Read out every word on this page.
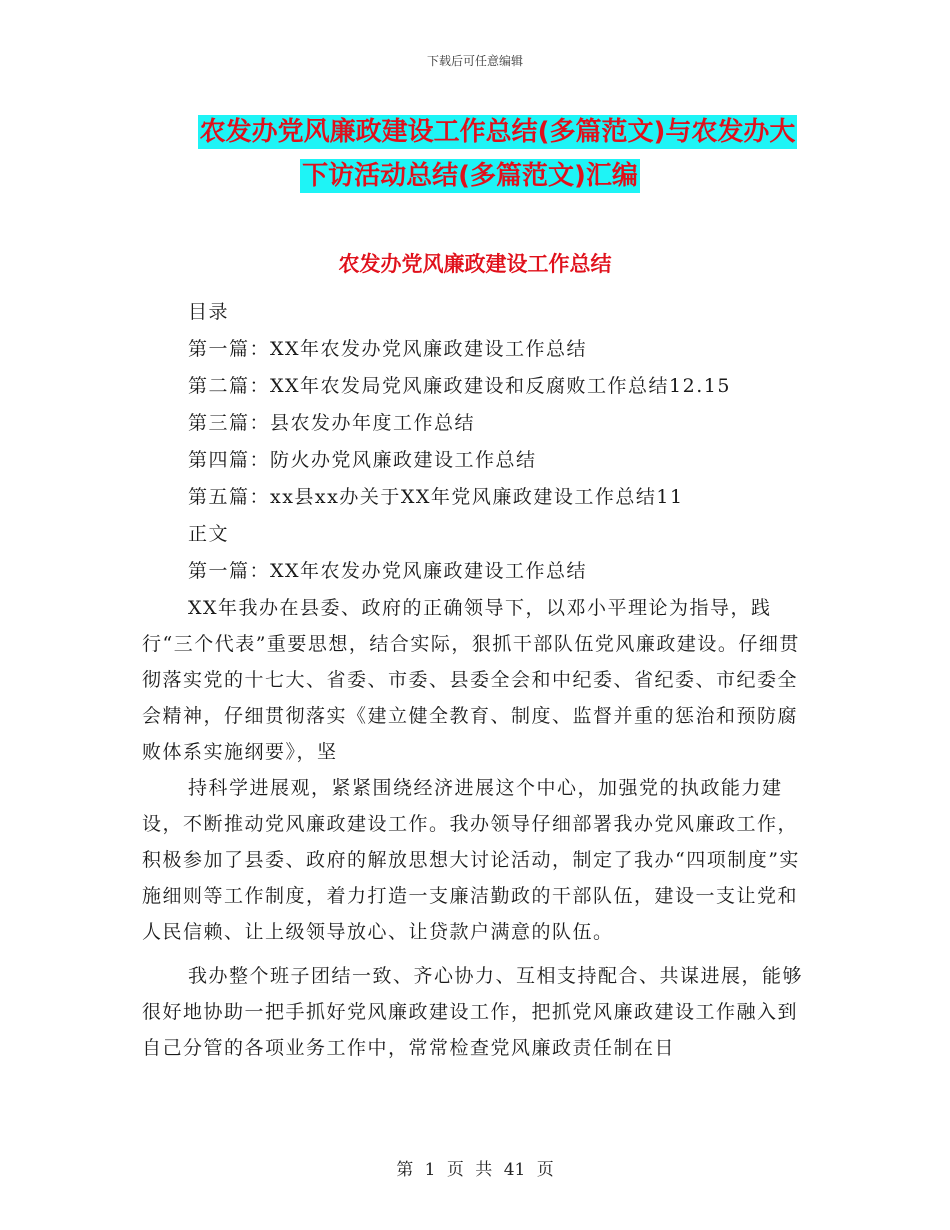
下载后可任意编辑
农发办党风廉政建设工作总结(多篇范文)与农发办大
下访活动总结(多篇范文)汇编
农发办党风廉政建设工作总结
目录
第一篇：XX年农发办党风廉政建设工作总结
第二篇：XX年农发局党风廉政建设和反腐败工作总结12.15
第三篇：县农发办年度工作总结
第四篇：防火办党风廉政建设工作总结
第五篇：xx县xx办关于XX年党风廉政建设工作总结11
正文
第一篇：XX年农发办党风廉政建设工作总结

XX年我办在县委、政府的正确领导下，以邓小平理论为指导，践行“三个代表”重要思想，结合实际，狠抓干部队伍党风廉政建设。仔细贯彻落实党的十七大、省委、市委、县委全会和中纪委、省纪委、市纪委全会精神，仔细贯彻落实《建立健全教育、制度、监督并重的惩治和预防腐败体系实施纲要》，坚

持科学进展观，紧紧围绕经济进展这个中心，加强党的执政能力建设，不断推动党风廉政建设工作。我办领导仔细部署我办党风廉政工作，积极参加了县委、政府的解放思想大讨论活动，制定了我办“四项制度”实施细则等工作制度，着力打造一支廉洁勤政的干部队伍，建设一支让党和人民信赖、让上级领导放心、让贷款户满意的队伍。

我办整个班子团结一致、齐心协力、互相支持配合、共谋进展，能够很好地协助一把手抓好党风廉政建设工作，把抓党风廉政建设工作融入到自己分管的各项业务工作中，常常检查党风廉政责任制在日

第 1 页 共 41 页
